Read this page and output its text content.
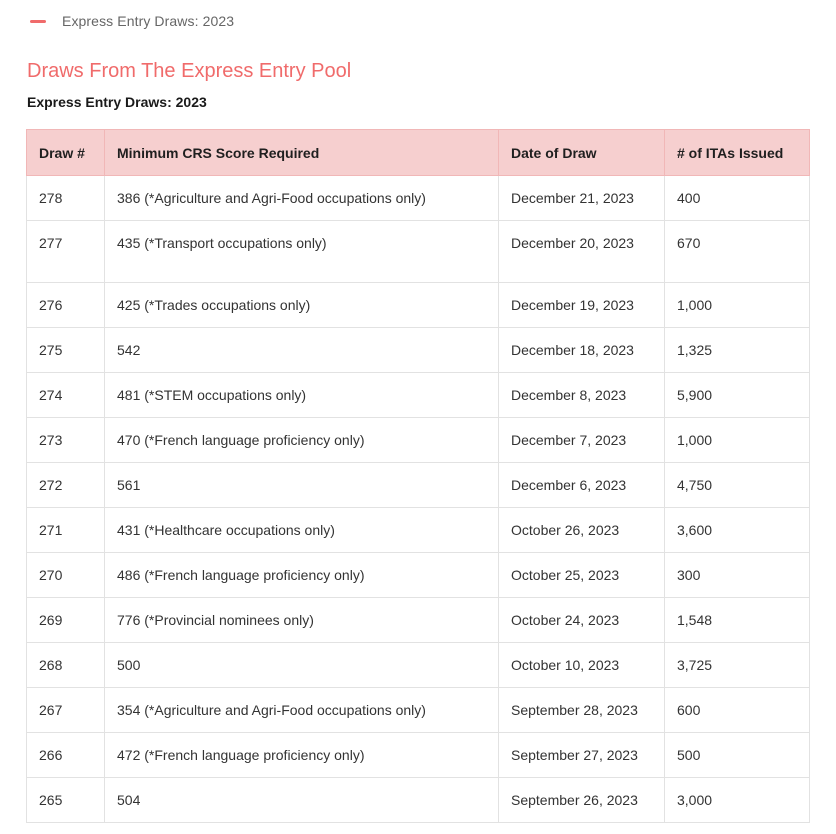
Express Entry Draws: 2023
Draws From The Express Entry Pool
Express Entry Draws: 2023
Draw #	Minimum CRS Score Required	Date of Draw	# of ITAs Issued
278	386 (*Agriculture and Agri-Food occupations only)	December 21, 2023	400
277	435 (*Transport occupations only)	December 20, 2023	670
276	425 (*Trades occupations only)	December 19, 2023	1,000
275	542	December 18, 2023	1,325
274	481 (*STEM occupations only)	December 8, 2023	5,900
273	470 (*French language proficiency only)	December 7, 2023	1,000
272	561	December 6, 2023	4,750
271	431 (*Healthcare occupations only)	October 26, 2023	3,600
270	486 (*French language proficiency only)	October 25, 2023	300
269	776 (*Provincial nominees only)	October 24, 2023	1,548
268	500	October 10, 2023	3,725
267	354 (*Agriculture and Agri-Food occupations only)	September 28, 2023	600
266	472 (*French language proficiency only)	September 27, 2023	500
265	504	September 26, 2023	3,000
